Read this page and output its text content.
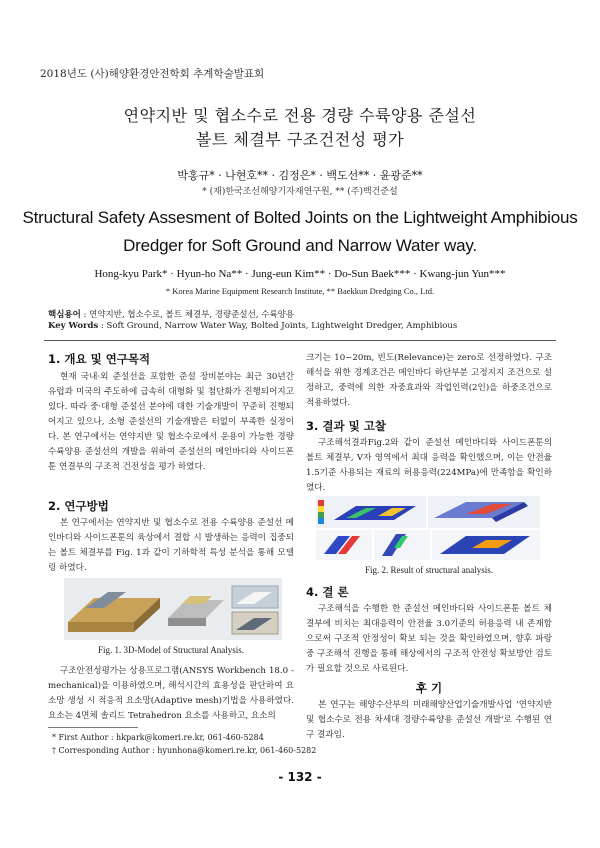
2018년도 (사)해양환경안전학회 추계학술발표회
연약지반 및 협소수로 전용 경량 수륙양용 준설선
볼트 체결부 구조건전성 평가
박홍규* · 나현호** · 김정은* · 백도선** · 윤광준**
* (재)한국조선해양기자재연구원, ** (주)백건준설
Structural Safety Assesment of Bolted Joints on the Lightweight Amphibious
Dredger for Soft Ground and Narrow Water way.
Hong-kyu Park* · Hyun-ho Na** · Jung-eun Kim** · Do-Sun Baek*** · Kwang-jun Yun***
* Korea Marine Equipment Research Institute, ** Baekkun Dredging Co., Ltd.
핵심용어 : 연약지반, 협소수로, 볼트 체결부, 경량준설선, 수륙양용
Key Words : Soft Ground, Narrow Water Way, Bolted Joints, Lightweight Dredger, Amphibious
1. 개요 및 연구목적
현재 국내·외 준설선을 포함한 준설 장비분야는 최근 30년간 유럽과 미국의 주도하에 급속히 대형화 및 첨단화가 진행되어지고 있다. 따라 중·대형 준설선 분야에 대한 기술개발이 꾸준히 진행되어지고 있으나, 소형 준설선의 기술개발은 터없이 부족한 실정이다. 본 연구에서는 연약지반 및 협소수로에서 운용이 가능한 경량 수륙양용 준설선의 개발을 위하여 준설선의 메인바디와 사이드폰툰 연결부의 구조적 건전성을 평가 하였다.
2. 연구방법
본 연구에서는 연약지반 및 협소수로 전용 수륙양용 준설선 메인바디와 사이드폰툰의 육상에서 결합 시 발생하는 응력이 집중되는 볼트 체결부를 Fig. 1과 같이 기하학적 특성 분석을 통해 모델링 하였다.
Fig. 1. 3D-Model of Structural Analysis.
구조안전성평가는 상용프로그램(ANSYS Workbench 18.0 - mechanical)을 이용하였으며, 해석시간의 효용성을 판단하여 요소망 생성 시 적응적 요소망(Adaptive mesh)기법을 사용하였다. 요소는 4면체 솔리드 Tetrahedron 요소를 사용하고, 요소의
* First Author : hkpark@komeri.re.kr, 061-460-5284
† Corresponding Author : hyunhona@komeri.re.kr, 061-460-5282
크기는 10~20m, 빈도(Relevance)는 zero로 선정하였다. 구조해석을 위한 경계조건은 메인바디 하단부분 고정지지 조건으로 설정하고, 중력에 의한 자중효과와 작업인력(2인)을 하중조건으로 적용하였다.
3. 결과 및 고찰
구조해석결과Fig.2와 같이 준설선 메인바디와 사이드폰툰의 볼트 체결부, V자 영역에서 최대 응력을 확인했으며, 이는 안전율 1.5기준 사용되는 재료의 허용응력(224MPa)에 만족함을 확인하였다.
Fig. 2. Result of structural analysis.
4. 결 론
구조해석을 수행한 한 준설선 메인바디와 사이드폰툰 볼트 체결부에 비치는 최대응력이 안전율 3.0기준의 허용응력 내 존재함으로써 구조적 안정성이 확보 되는 것을 확인하였으며, 향후 파랑 중 구조해석 진행을 통해 해상에서의 구조적 안전성 확보방안 검토가 필요할 것으로 사료된다.
후 기
본 연구는 해양수산부의 미래해양산업기술개발사업 '연약지반 및 협소수로 전용 차세대 경량수륙양용 준설선 개발'로 수행된 연구 결과임.
- 132 -
